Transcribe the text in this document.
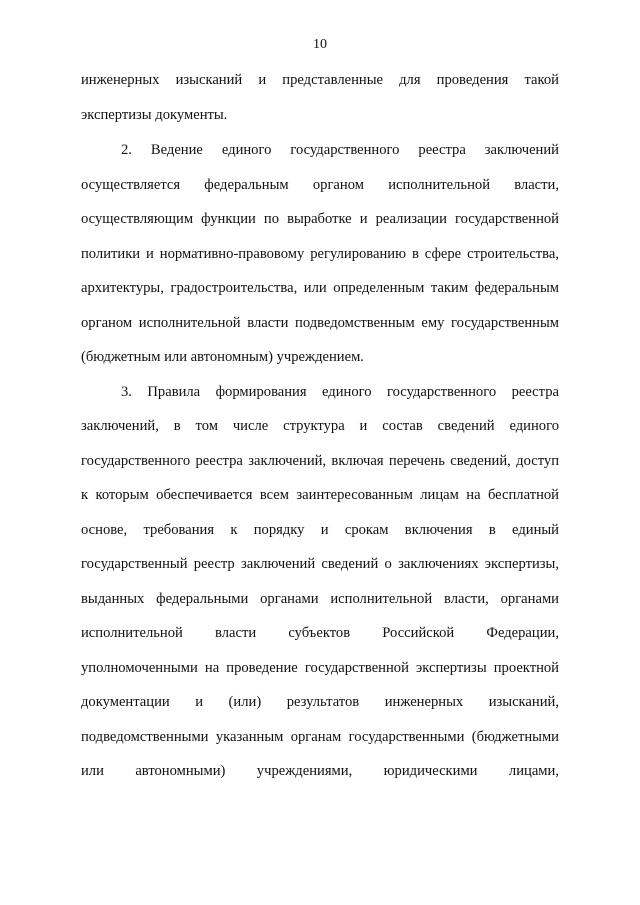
10
инженерных изысканий и представленные для проведения такой
экспертизы документы.
2. Ведение единого государственного реестра заключений
осуществляется федеральным органом исполнительной власти,
осуществляющим функции по выработке и реализации государственной
политики и нормативно-правовому регулированию в сфере строительства,
архитектуры, градостроительства, или определенным таким федеральным
органом исполнительной власти подведомственным ему государственным
(бюджетным или автономным) учреждением.
3. Правила формирования единого государственного реестра
заключений, в том числе структура и состав сведений единого
государственного реестра заключений, включая перечень сведений, доступ
к которым обеспечивается всем заинтересованным лицам на бесплатной
основе, требования к порядку и срокам включения в единый
государственный реестр заключений сведений о заключениях экспертизы,
выданных федеральными органами исполнительной власти, органами
исполнительной власти субъектов Российской Федерации,
уполномоченными на проведение государственной экспертизы проектной
документации и (или) результатов инженерных изысканий,
подведомственными указанным органам государственными (бюджетными
или автономными) учреждениями, юридическими лицами,
